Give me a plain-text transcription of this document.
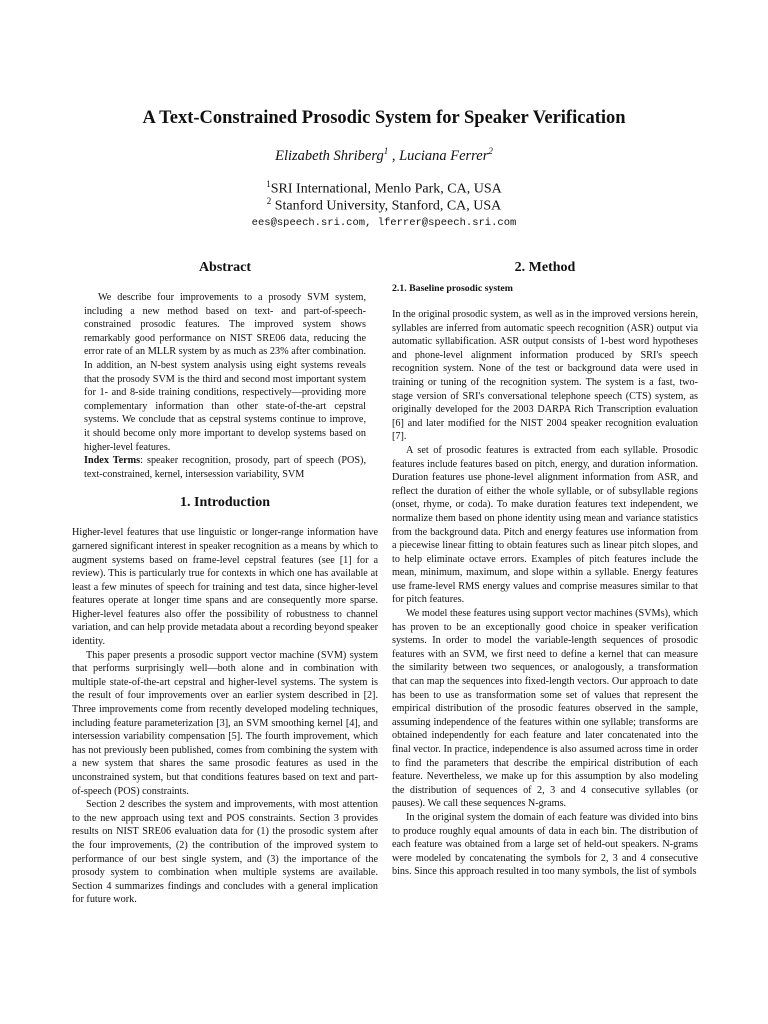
A Text-Constrained Prosodic System for Speaker Verification
Elizabeth Shriberg$^1$ , Luciana Ferrer$^2$
$^1$SRI International, Menlo Park, CA, USA
$^2$ Stanford University, Stanford, CA, USA
ees@speech.sri.com, lferrer@speech.sri.com
Abstract

We describe four improvements to a prosody SVM system, including a new method based on text- and part-of-speech-constrained prosodic features. The improved system shows remarkably good performance on NIST SRE06 data, reducing the error rate of an MLLR system by as much as 23% after combination. In addition, an N-best system analysis using eight systems reveals that the prosody SVM is the third and second most important system for 1- and 8-side training conditions, respectively—providing more complementary information than other state-of-the-art cepstral systems. We conclude that as cepstral systems continue to improve, it should become only more important to develop systems based on higher-level features.

Index Terms: speaker recognition, prosody, part of speech (POS), text-constrained, kernel, intersession variability, SVM

1. Introduction

Higher-level features that use linguistic or longer-range information have garnered significant interest in speaker recognition as a means by which to augment systems based on frame-level cepstral features (see [1] for a review). This is particularly true for contexts in which one has available at least a few minutes of speech for training and test data, since higher-level features operate at longer time spans and are consequently more sparse. Higher-level features also offer the possibility of robustness to channel variation, and can help provide metadata about a recording beyond speaker identity.

This paper presents a prosodic support vector machine (SVM) system that performs surprisingly well—both alone and in combination with multiple state-of-the-art cepstral and higher-level systems. The system is the result of four improvements over an earlier system described in [2]. Three improvements come from recently developed modeling techniques, including feature parameterization [3], an SVM smoothing kernel [4], and intersession variability compensation [5]. The fourth improvement, which has not previously been published, comes from combining the system with a new system that shares the same prosodic features as used in the unconstrained system, but that conditions features based on text and part-of-speech (POS) constraints.

Section 2 describes the system and improvements, with most attention to the new approach using text and POS constraints. Section 3 provides results on NIST SRE06 evaluation data for (1) the prosodic system after the four improvements, (2) the contribution of the improved system to performance of our best single system, and (3) the importance of the prosody system to combination when multiple systems are available. Section 4 summarizes findings and concludes with a general implication for future work.

2. Method
2.1. Baseline prosodic system

In the original prosodic system, as well as in the improved versions herein, syllables are inferred from automatic speech recognition (ASR) output via automatic syllabification. ASR output consists of 1-best word hypotheses and phone-level alignment information produced by SRI's speech recognition system. None of the test or background data were used in training or tuning of the recognition system. The system is a fast, two-stage version of SRI's conversational telephone speech (CTS) system, as originally developed for the 2003 DARPA Rich Transcription evaluation [6] and later modified for the NIST 2004 speaker recognition evaluation [7].

A set of prosodic features is extracted from each syllable. Prosodic features include features based on pitch, energy, and duration information. Duration features use phone-level alignment information from ASR, and reflect the duration of either the whole syllable, or of subsyllable regions (onset, rhyme, or coda). To make duration features text independent, we normalize them based on phone identity using mean and variance statistics from the background data. Pitch and energy features use information from a piecewise linear fitting to obtain features such as linear pitch slopes, and to help eliminate octave errors. Examples of pitch features include the mean, minimum, maximum, and slope within a syllable. Energy features use frame-level RMS energy values and comprise measures similar to that for pitch features.

We model these features using support vector machines (SVMs), which has proven to be an exceptionally good choice in speaker verification systems. In order to model the variable-length sequences of prosodic features with an SVM, we first need to define a kernel that can measure the similarity between two sequences, or analogously, a transformation that can map the sequences into fixed-length vectors. Our approach to date has been to use as transformation some set of values that represent the empirical distribution of the prosodic features observed in the sample, assuming independence of the features within one syllable; transforms are obtained independently for each feature and later concatenated into the final vector. In practice, independence is also assumed across time in order to find the parameters that describe the empirical distribution of each feature. Nevertheless, we make up for this assumption by also modeling the distribution of sequences of 2, 3 and 4 consecutive syllables (or pauses). We call these sequences N-grams.

In the original system the domain of each feature was divided into bins to produce roughly equal amounts of data in each bin. The distribution of each feature was obtained from a large set of held-out speakers. N-grams were modeled by concatenating the symbols for 2, 3 and 4 consecutive bins. Since this approach resulted in too many symbols, the list of symbols
